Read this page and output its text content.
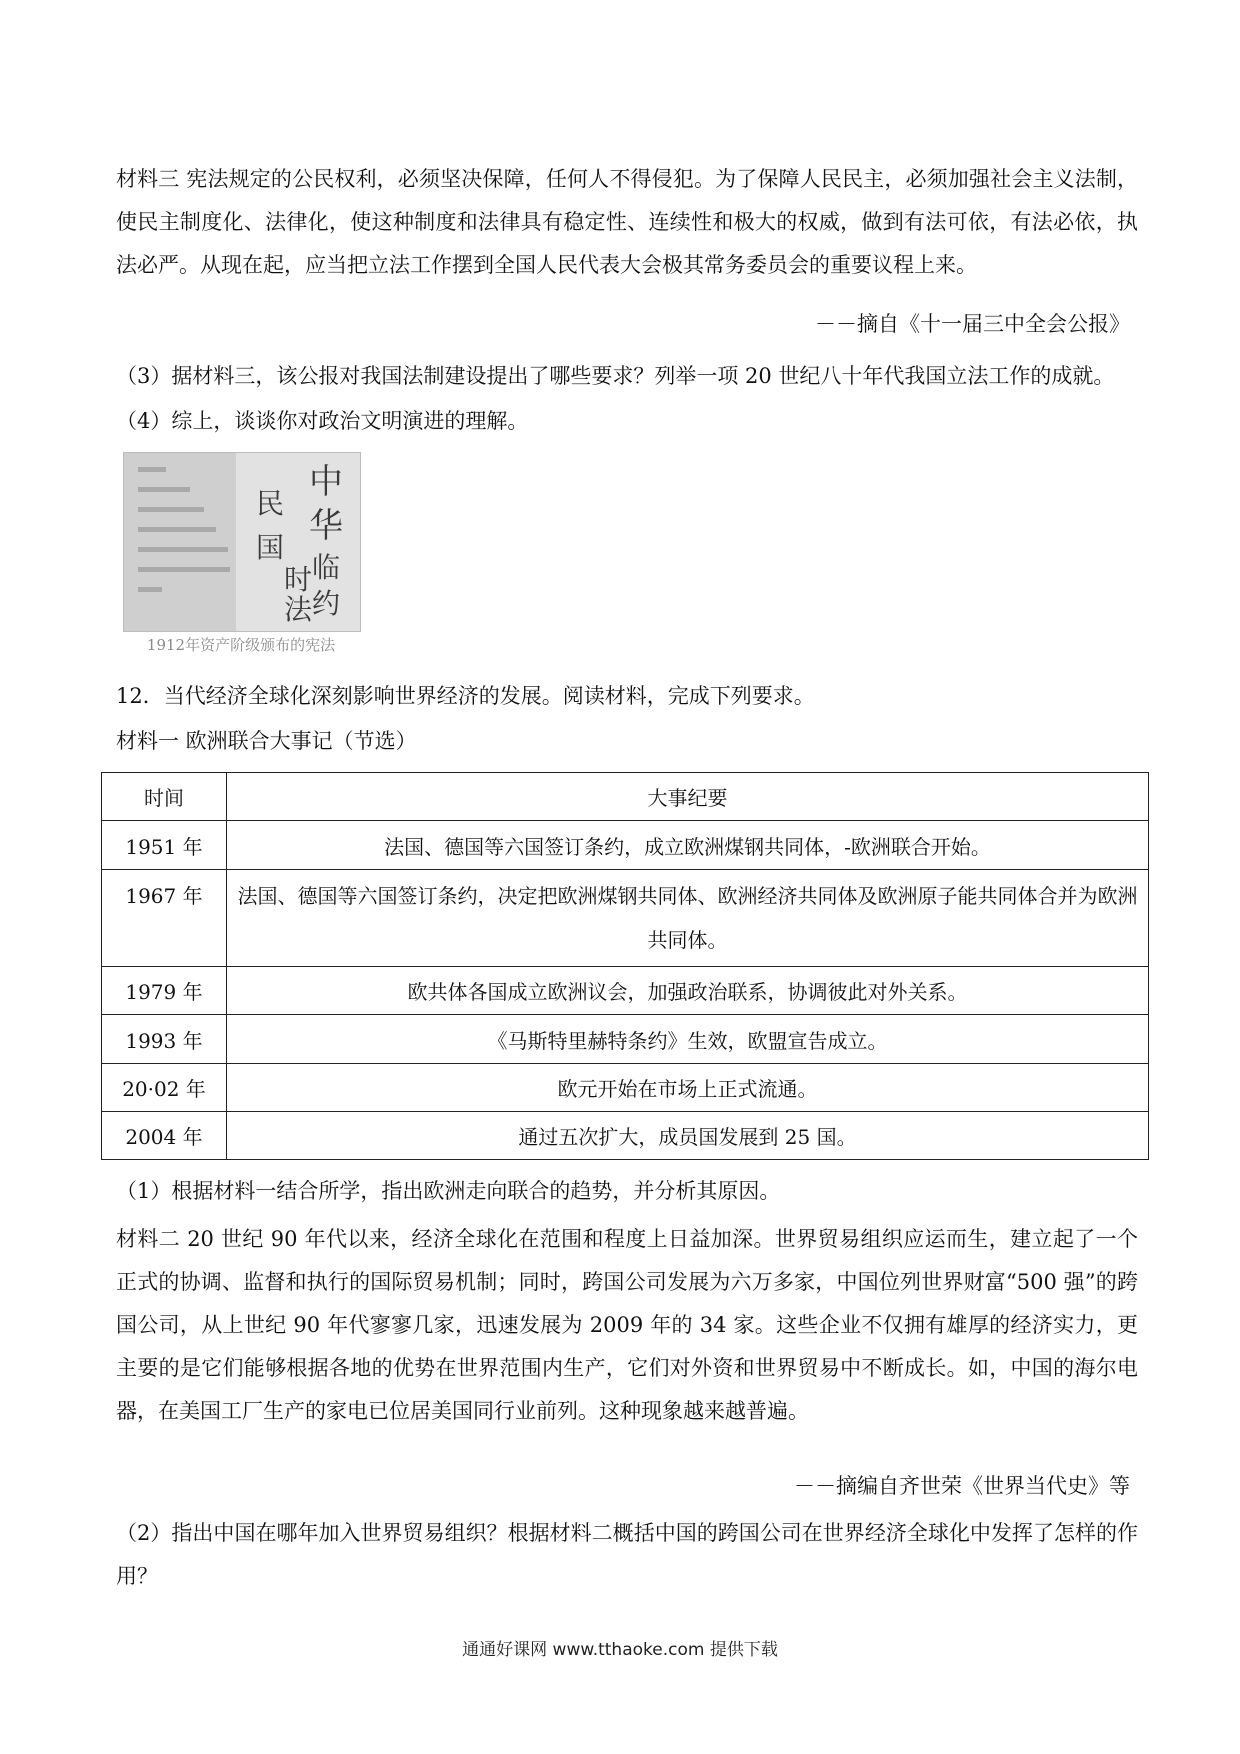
材料三 宪法规定的公民权利，必须坚决保障，任何人不得侵犯。为了保障人民民主，必须加强社会主义法制，使民主制度化、法律化，使这种制度和法律具有稳定性、连续性和极大的权威，做到有法可依，有法必依，执法必严。从现在起，应当把立法工作摆到全国人民代表大会极其常务委员会的重要议程上来。

－－摘自《十一届三中全会公报》

（3）据材料三，该公报对我国法制建设提出了哪些要求？列举一项 20 世纪八十年代我国立法工作的成就。

（4）综上，谈谈你对政治文明演进的理解。

中
华
民
国
临
时
约
法
1912年资产阶级颁布的宪法

12．当代经济全球化深刻影响世界经济的发展。阅读材料，完成下列要求。

材料一 欧洲联合大事记（节选）

时间	大事纪要
1951 年	法国、德国等六国签订条约，成立欧洲煤钢共同体，-欧洲联合开始。
1967 年	法国、德国等六国签订条约，决定把欧洲煤钢共同体、欧洲经济共同体及欧洲原子能共同体合并为欧洲共同体。
1979 年	欧共体各国成立欧洲议会，加强政治联系，协调彼此对外关系。
1993 年	《马斯特里赫特条约》生效，欧盟宣告成立。
20·02 年	欧元开始在市场上正式流通。
2004 年	通过五次扩大，成员国发展到 25 国。

（1）根据材料一结合所学，指出欧洲走向联合的趋势，并分析其原因。

材料二 20 世纪 90 年代以来，经济全球化在范围和程度上日益加深。世界贸易组织应运而生，建立起了一个正式的协调、监督和执行的国际贸易机制；同时，跨国公司发展为六万多家，中国位列世界财富“500 强”的跨国公司，从上世纪 90 年代寥寥几家，迅速发展为 2009 年的 34 家。这些企业不仅拥有雄厚的经济实力，更主要的是它们能够根据各地的优势在世界范围内生产，它们对外资和世界贸易中不断成长。如，中国的海尔电器，在美国工厂生产的家电已位居美国同行业前列。这种现象越来越普遍。

－－摘编自齐世荣《世界当代史》等

（2）指出中国在哪年加入世界贸易组织？根据材料二概括中国的跨国公司在世界经济全球化中发挥了怎样的作用？

通通好课网 www.tthaoke.com 提供下载
